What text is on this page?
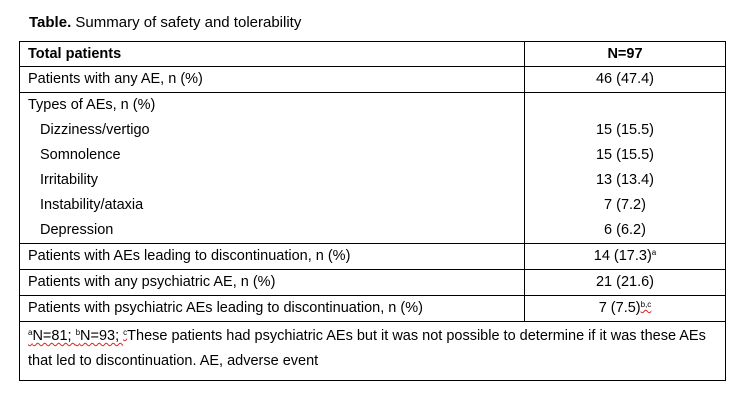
Table. Summary of safety and tolerability
Total patients	N=97
Patients with any AE, n (%)	46 (47.4)
Types of AEs, n (%)	
Dizziness/vertigo	15 (15.5)
Somnolence	15 (15.5)
Irritability	13 (13.4)
Instability/ataxia	7 (7.2)
Depression	6 (6.2)
Patients with AEs leading to discontinuation, n (%)	14 $(17.3)^a$
Patients with any psychiatric AE, n (%)	21 (21.6)
Patients with psychiatric AEs leading to discontinuation, n (%)	7 $(7.5)^{b,c}$
$^a$N=81; $^b$N=93; $^c$These patients had psychiatric AEs but it was not possible to determine if it was these AEs that led to discontinuation. AE, adverse event	
